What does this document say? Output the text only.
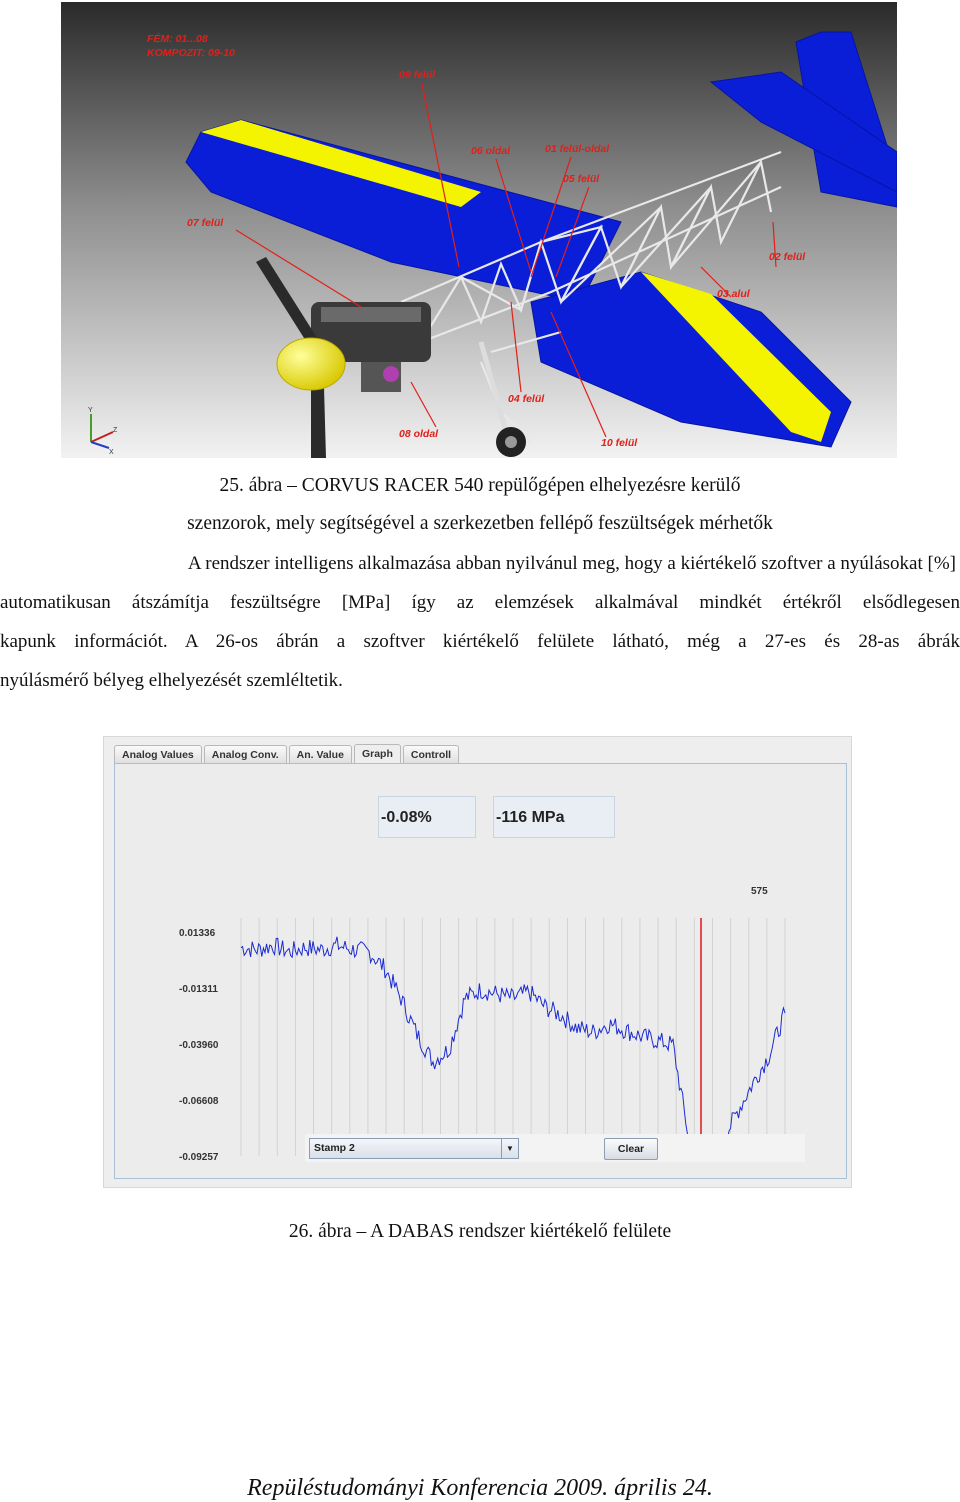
Y
Z
X
FÉM: 01...08
KOMPOZIT: 09-10
09 felül
06 oldal	01 felül-oldal
05 felül
07 felül
02 felül
03 alul
04 felül
08 oldal
10 felül
25. ábra – CORVUS RACER 540 repülőgépen elhelyezésre kerülő
szenzorok, mely segítségével a szerkezetben fellépő feszültségek mérhetők
A rendszer intelligens alkalmazása abban nyilvánul meg, hogy a kiértékelő szoftver a nyúlásokat [%]
automatikusan átszámítja feszültségre [MPa] így az elemzések alkalmával mindkét értékről elsődlegesen
kapunk információt. A 26-os ábrán a szoftver kiértékelő felülete látható, még a 27-es és 28-as ábrák
nyúlásmérő bélyeg elhelyezését szemléltetik.
Analog Values	Analog Conv.	An. Value	Graph	Controll
-0.08%	-116 MPa
0.01336
-0.01311
-0.03960
-0.06608
-0.09257
575
Stamp 2	▼	Clear
26. ábra – A DABAS rendszer kiértékelő felülete
Repüléstudományi Konferencia 2009. április 24.
